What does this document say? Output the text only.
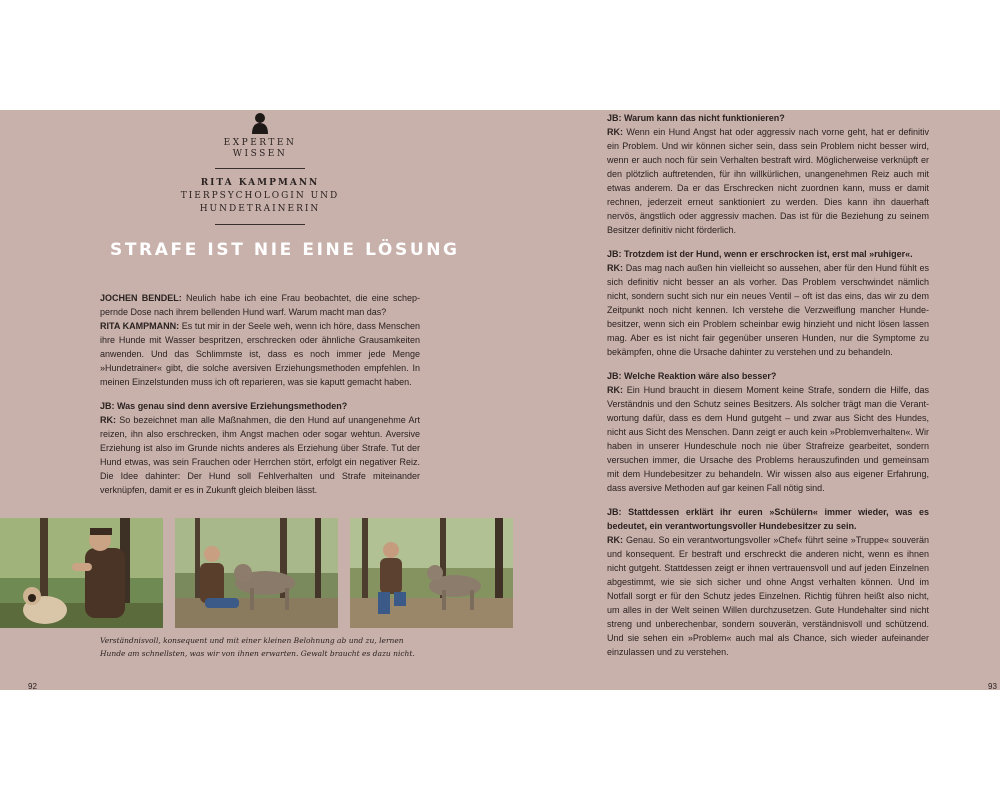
EXPERTEN
WISSEN
RITA KAMPMANN
TIERPSYCHOLOGIN UND HUNDETRAINERIN
STRAFE IST NIE EINE LÖSUNG

JOCHEN BENDEL: Neulich habe ich eine Frau beobachtet, die eine scheppernde Dose nach ihrem bellenden Hund warf. Warum macht man das?

RITA KAMPMANN: Es tut mir in der Seele weh, wenn ich höre, dass Menschen ihre Hunde mit Wasser bespritzen, erschrecken oder ähnliche Grausamkeiten anwenden. Und das Schlimmste ist, dass es noch immer jede Menge »Hundetrainer« gibt, die solche aversiven Erziehungsmethoden empfehlen. In meinen Einzelstunden muss ich oft reparieren, was sie kaputt gemacht haben.

JB: Was genau sind denn aversive Erziehungsmethoden?

RK: So bezeichnet man alle Maßnahmen, die den Hund auf unangenehme Art reizen, ihn also erschrecken, ihm Angst machen oder sogar wehtun. Aversive Erziehung ist also im Grunde nichts anderes als Erziehung über Strafe. Tut der Hund etwas, was sein Frauchen oder Herrchen stört, erfolgt ein negativer Reiz. Die Idee dahinter: Der Hund soll Fehlverhalten und Strafe miteinander verknüpfen, damit er es in Zukunft gleich bleiben lässt.

Verständnisvoll, konsequent und mit einer kleinen Belohnung ab und zu, lernen
Hunde am schnellsten, was wir von ihnen erwarten. Gewalt braucht es dazu nicht.
92

JB: Warum kann das nicht funktionieren?

RK: Wenn ein Hund Angst hat oder aggressiv nach vorne geht, hat er definitiv ein Problem. Und wir können sicher sein, dass sein Problem nicht besser wird, wenn er auch noch für sein Verhalten bestraft wird. Möglicherweise verknüpft er den plötzlich auftretenden, für ihn willkürlichen, unangenehmen Reiz auch mit etwas anderem. Da er das Erschrecken nicht zuordnen kann, muss er damit rechnen, jederzeit erneut sanktioniert zu werden. Dies kann ihn dauerhaft nervös, ängstlich oder aggressiv machen. Das ist für die Beziehung zu seinem Besitzer definitiv nicht förderlich.

JB: Trotzdem ist der Hund, wenn er erschrocken ist, erst mal »ruhiger«.

RK: Das mag nach außen hin vielleicht so aussehen, aber für den Hund fühlt es sich definitiv nicht besser an als vorher. Das Problem verschwindet nämlich nicht, sondern sucht sich nur ein neues Ventil – oft ist das eins, das wir zu dem Zeitpunkt noch nicht kennen. Ich verstehe die Verzweiflung mancher Hundebesitzer, wenn sich ein Problem scheinbar ewig hinzieht und nicht lösen lassen mag. Aber es ist nicht fair gegenüber unseren Hunden, nur die Symptome zu bekämpfen, ohne die Ursache dahinter zu verstehen und zu behandeln.

JB: Welche Reaktion wäre also besser?

RK: Ein Hund braucht in diesem Moment keine Strafe, sondern die Hilfe, das Verständnis und den Schutz seines Besitzers. Als solcher trägt man die Verantwortung dafür, dass es dem Hund gutgeht – und zwar aus Sicht des Hundes, nicht aus Sicht des Menschen. Dann zeigt er auch kein »Problemverhalten«. Wir haben in unserer Hundeschule noch nie über Strafreize gearbeitet, sondern versuchen immer, die Ursache des Problems herauszufinden und gemeinsam mit dem Hundebesitzer zu behandeln. Wir wissen also aus eigener Erfahrung, dass aversive Methoden auf gar keinen Fall nötig sind.

JB: Stattdessen erklärt ihr euren »Schülern« immer wieder, was es bedeutet, ein verantwortungsvoller Hundebesitzer zu sein.

RK: Genau. So ein verantwortungsvoller »Chef« führt seine »Truppe« souverän und konsequent. Er bestraft und erschreckt die anderen nicht, wenn es ihnen nicht gutgeht. Stattdessen zeigt er ihnen vertrauensvoll und auf jeden Einzelnen abgestimmt, wie sie sich sicher und ohne Angst verhalten können. Und im Notfall sorgt er für den Schutz jedes Einzelnen. Richtig führen heißt also nicht, um alles in der Welt seinen Willen durchzusetzen. Gute Hundehalter sind nicht streng und unberechenbar, sondern souverän, verständnisvoll und schützend. Und sie sehen ein »Problem« auch mal als Chance, sich wieder aufeinander einzulassen und zu verstehen.

93
